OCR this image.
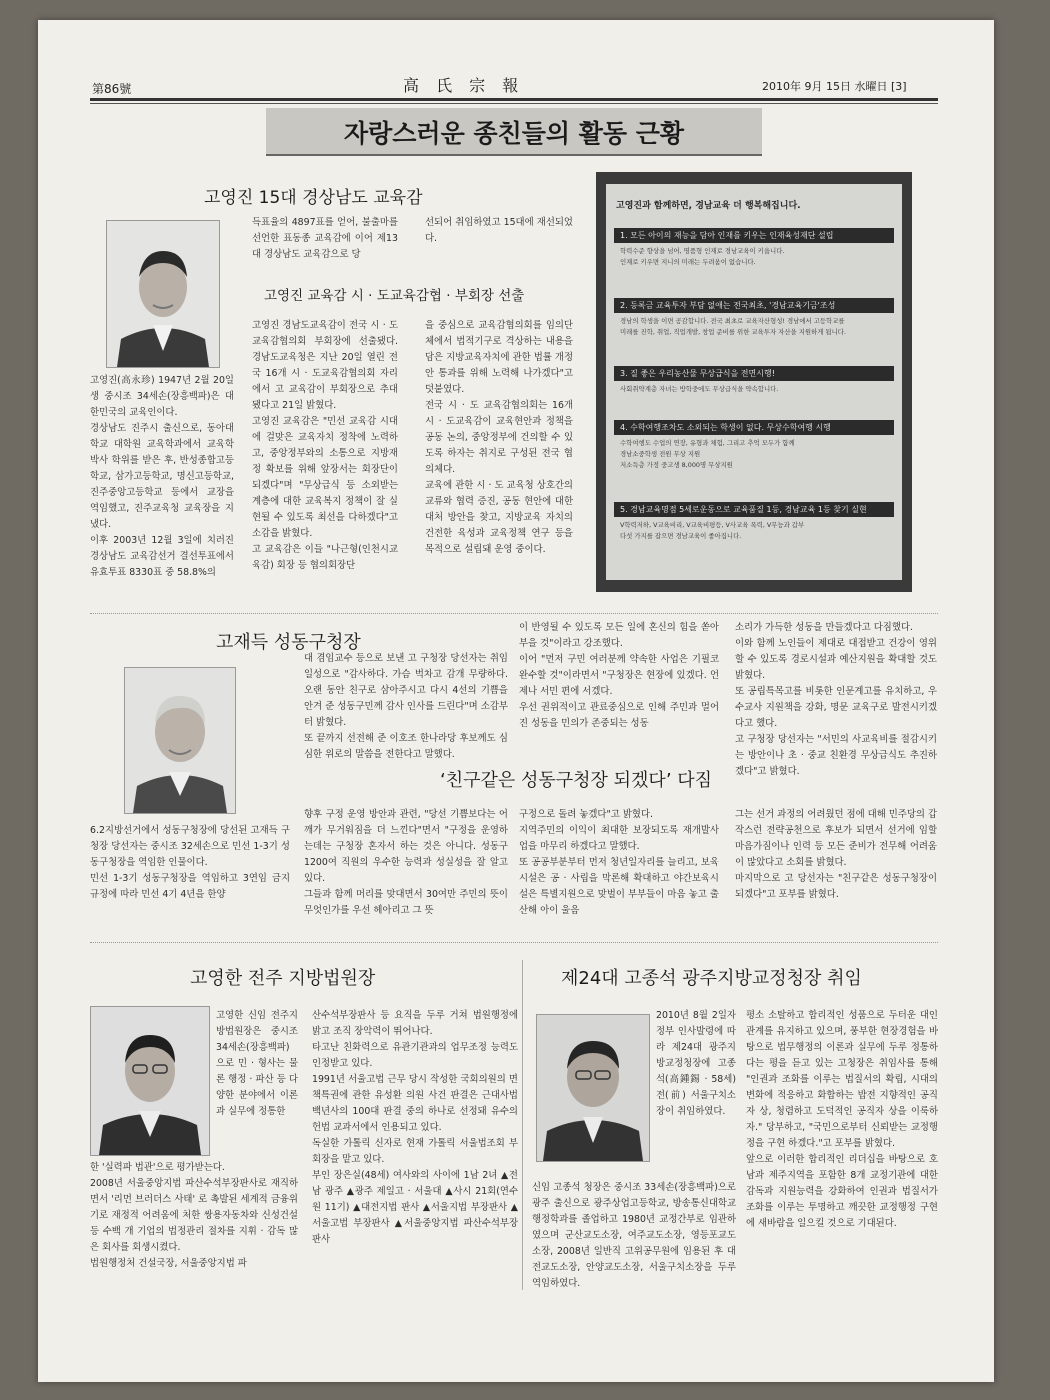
第86號	高 氏 宗 報	2010年 9月 15日 水曜日 [3]
자랑스러운 종친들의 활동 근황
고영진 15대 경상남도 교육감
고영진(高永珍) 1947년 2월 20일생 중시조 34세손(장흥백파)은 대한민국의 교육인이다.
경상남도 진주시 출신으로, 동아대학교 대학원 교육학과에서 교육학 박사 학위를 받은 후, 반성종합고등학교, 삼가고등학교, 명신고등학교, 진주중앙고등학교 등에서 교장을 역임했고, 진주교육청 교육장을 지냈다.
이후 2003년 12월 3일에 치러진 경상남도 교육감선거 결선투표에서 유효투표 8330표 중 58.8%의
득표율의 4897표를 얻어, 불출마를 선언한 표동종 교육감에 이어 제13대 경상남도 교육감으로 당
선되어 취임하였고 15대에 재선되었다.
고영진 교육감 시 · 도교육감협 · 부회장 선출
고영진 경남도교육감이 전국 시 · 도교육감협의회 부회장에 선출됐다. 경남도교육청은 지난 20일 열린 전국 16개 시 · 도교육감협의회 자리에서 고 교육감이 부회장으로 추대됐다고 21일 밝혔다.
고영진 교육감은 "민선 교육감 시대에 걸맞은 교육자치 정착에 노력하고, 중앙정부와의 소통으로 지방재정 확보를 위해 앞장서는 회장단이 되겠다"며 "무상급식 등 소외받는 계층에 대한 교육복지 정책이 잘 실현될 수 있도록 최선을 다하겠다"고 소감을 밝혔다.
고 교육감은 이들 "나근형(인천시교육감) 회장 등 협의회장단
을 중심으로 교육감협의회를 임의단체에서 법적기구로 격상하는 내용을 담은 지방교육자치에 관한 법률 개정안 통과를 위해 노력해 나가겠다"고 덧붙였다.
전국 시 · 도 교육감협의회는 16개 시 · 도교육감이 교육현안과 정책을 공동 논의, 중앙정부에 건의할 수 있도록 하자는 취지로 구성된 전국 협의체다.
교육에 관한 시 · 도 교육청 상호간의 교류와 협력 증진, 공동 현안에 대한 대처 방안을 찾고, 지방교육 자치의 건전한 육성과 교육정책 연구 등을 목적으로 설립돼 운영 중이다.
고영진과 함께하면, 경남교육 더 행복해집니다.
1. 모든 아이의 재능을 담아 인재를 키우는 인재육성재단 설립
학력수준 향상을 넘어, 명품형 인재로 경남교육이 키웁니다.
인재로 키우면 지니의 미래는 두려움이 없습니다.
2. 등록금 교육투자 부담 없애는 전국최초, '경남교육기금'조성
경남의 학생을 이면 공감합니다. 전국 최초로 교육자산형성! 경남에서 고등학교를
미래를 진학, 취업, 직업개발, 창업 준비를 위한 교육투자 자산을 지원하게 됩니다.
3. 질 좋은 우리농산물 무상급식을 전면시행!
사회취약계층 자녀는 방학중에도 무상급식을 약속합니다.
4. 수학여행조차도 소외되는 학생이 없다. 무상수학여행 시행
수학여행도 수업의 연장, 유형과 체험, 그리고 추억 모두가 함께
경남소중학생 전원 무상 지원
저소득층 가정 중고생 8,000명 무상지원
5. 경남교육명점 5세로운동으로 교육품질 1등, 경남교육 1등 찾기 실현
V학력저하, V교육비리, V교육비평등, V사교육 폭력, V무능과 갑부
다섯 가지를 잡으면 경남교육이 좋아집니다.
고재득 성동구청장
6.2지방선거에서 성동구청장에 당선된 고재득 구청장 당선자는 중시조 32세손으로 민선 1-3기 성동구청장을 역임한 인물이다.
민선 1-3기 성동구청장을 역임하고 3연임 금지 규정에 따라 민선 4기 4년을 한양
대 겸임교수 등으로 보낸 고 구청장 당선자는 취임 일성으로 "감사하다. 가슴 벅차고 감개 무량하다. 오랜 동안 친구로 삼아주시고 다시 4선의 기쁨을 안겨 준 성동구민께 감사 인사를 드린다"며 소감부터 밝혔다.
또 끝까지 선전해 준 이호조 한나라당 후보께도 심심한 위로의 말씀을 전한다고 말했다.
향후 구정 운영 방안과 관련, "당선 기쁨보다는 어깨가 무거워짐을 더 느낀다"면서 "구정을 운영하는데는 구청장 혼자서 하는 것은 아니다. 성동구 1200여 직원의 우수한 능력과 성실성을 잘 알고 있다.
그들과 함께 머리를 맞대면서 30여만 주민의 뜻이 무엇인가를 우선 헤아리고 그 뜻
이 반영될 수 있도록 모든 일에 혼신의 힘을 쏟아 부을 것"이라고 강조했다.
이어 "먼저 구민 여러분께 약속한 사업은 기필코 완수할 것"이라면서 "구청장은 현장에 있겠다. 언제나 서민 편에 서겠다.
우선 권위적이고 관료중심으로 인해 주민과 멀어진 성동을 민의가 존중되는 성동
구정으로 돌려 놓겠다"고 밝혔다.
지역주민의 이익이 최대한 보장되도록 재개발사업을 마무리 하겠다고 말했다.
또 공공부분부터 먼저 청년일자리를 늘리고, 보육시설은 공 · 사립을 막론해 확대하고 야간보육시설은 특별지원으로 맞벌이 부부들이 마음 놓고 출산해 아이 울음
소리가 가득한 성동을 만들겠다고 다짐했다.
이와 함께 노인들이 제대로 대접받고 건강이 영위할 수 있도록 경로시설과 예산지원을 확대할 것도 밝혔다.
또 공립특목고를 비롯한 인문계고를 유치하고, 우수교사 지원책을 강화, 명문 교육구로 발전시키겠다고 했다.
고 구청장 당선자는 "서민의 사교육비를 절감시키는 방안이나 초 · 중교 친환경 무상급식도 추진하겠다"고 밝혔다.
그는 선거 과정의 어려웠던 점에 대해 민주당의 갑작스런 전략공천으로 후보가 되면서 선거에 임할 마음가짐이나 인력 등 모든 준비가 전무해 어려움이 많았다고 소회를 밝혔다.
마지막으로 고 당선자는 "친구같은 성동구청장이 되겠다"고 포부를 밝혔다.
‘친구같은 성동구청장 되겠다’ 다짐
고영한 전주 지방법원장
고영한 신임 전주지방법원장은 중시조 34세손(장흥백파)으로 민 · 형사는 물론 행정 · 파산 등 다양한 분야에서 이론과 실무에 정통한
한 '실력파 법관'으로 평가받는다.
2008년 서울중앙지법 파산수석부장판사로 재직하면서 '리먼 브러더스 사태' 로 촉발된 세계적 금융위기로 재정적 어려움에 처한 쌍용자동차와 신성건설 등 수백 개 기업의 법정관리 절차를 지휘 · 감독 많은 회사를 회생시켰다.
법원행정처 건설국장, 서울중앙지법 파
산수석부장판사 등 요직을 두루 거쳐 법원행정에 밝고 조직 장악력이 뛰어나다.
타고난 친화력으로 유관기관과의 업무조정 능력도 인정받고 있다.
1991년 서울고법 근무 당시 작성한 국회의원의 면책특권에 관한 유성환 의원 사건 판결은 근대사법 백년사의 100대 판결 중의 하나로 선정돼 유수의 헌법 교과서에서 인용되고 있다.
독실한 가톨릭 신자로 현재 가톨릭 서울법조회 부회장을 맡고 있다.
부인 장은실(48세) 여사와의 사이에 1남 2녀 ▲전남 광주 ▲광주 제일고 · 서울대 ▲사시 21회(연수원 11기) ▲대전지법 판사 ▲서울지법 부장판사 ▲서울고법 부장판사 ▲서울중앙지법 파산수석부장판사
제24대 고종석 광주지방교정청장 취임
2010년 8월 2일자 정부 인사발령에 따라 제24대 광주지방교정청장에 고종석(高鍾錫 · 58세) 전(前) 서울구치소장이 취임하였다.
신임 고종석 청장은 중시조 33세손(장흥백파)으로 광주 출신으로 광주상업고등학교, 방송통신대학교 행정학과를 졸업하고 1980년 교정간부로 임관하였으며 군산교도소장, 여주교도소장, 영등포교도소장, 2008년 일반직 고위공무원에 임용된 후 대전교도소장, 안양교도소장, 서울구치소장을 두루 역임하였다.
평소 소탈하고 합리적인 성품으로 두터운 대인관계를 유지하고 있으며, 풍부한 현장경험을 바탕으로 법무행정의 이론과 실무에 두루 정통하다는 평을 듣고 있는 고청장은 취임사를 통해 "인권과 조화를 이루는 법질서의 확립, 시대의 변화에 적응하고 화합하는 밥전 지향적인 공직자 상, 청렴하고 도덕적인 공직자 상을 이룩하자." 당부하고, "국민으로부터 신뢰받는 교정행정을 구현 하겠다."고 포부를 밝혔다.
앞으로 이러한 합리적인 리더십을 바탕으로 호남과 제주지역을 포함한 8개 교정기관에 대한 감독과 지원능력을 강화하여 인권과 법질서가 조화를 이루는 투명하고 깨끗한 교정행정 구현에 새바람을 일으킬 것으로 기대된다.
